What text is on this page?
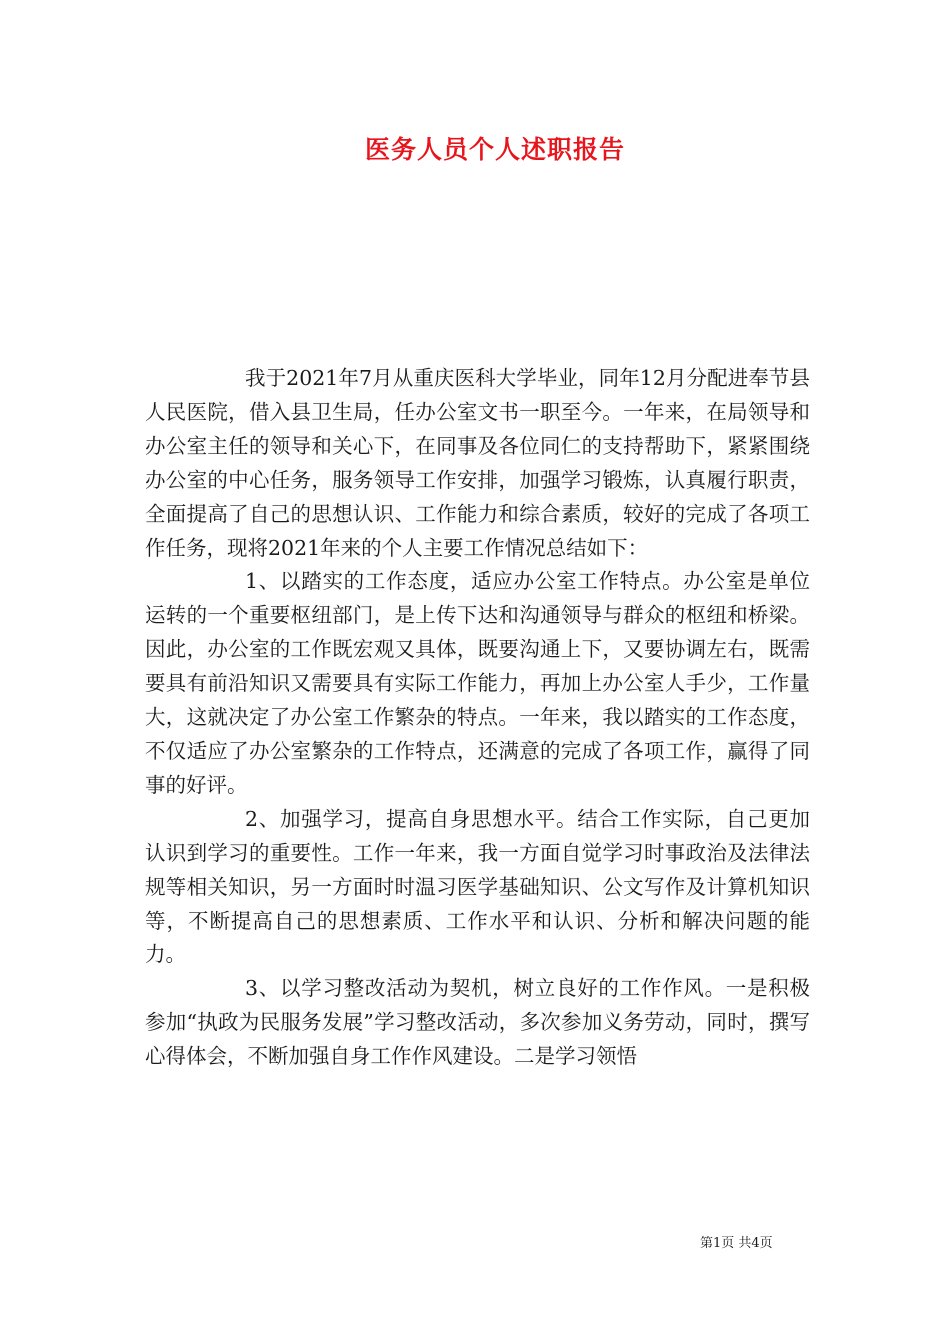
医务人员个人述职报告

我于2021年7月从重庆医科大学毕业，同年12月分配进奉节县人民医院，借入县卫生局，任办公室文书一职至今。一年来，在局领导和办公室主任的领导和关心下，在同事及各位同仁的支持帮助下，紧紧围绕办公室的中心任务，服务领导工作安排，加强学习锻炼，认真履行职责，全面提高了自己的思想认识、工作能力和综合素质，较好的完成了各项工作任务，现将2021年来的个人主要工作情况总结如下：

1、以踏实的工作态度，适应办公室工作特点。办公室是单位运转的一个重要枢纽部门，是上传下达和沟通领导与群众的枢纽和桥梁。因此，办公室的工作既宏观又具体，既要沟通上下，又要协调左右，既需要具有前沿知识又需要具有实际工作能力，再加上办公室人手少，工作量大，这就决定了办公室工作繁杂的特点。一年来，我以踏实的工作态度，不仅适应了办公室繁杂的工作特点，还满意的完成了各项工作，赢得了同事的好评。

2、加强学习，提高自身思想水平。结合工作实际，自己更加认识到学习的重要性。工作一年来，我一方面自觉学习时事政治及法律法规等相关知识，另一方面时时温习医学基础知识、公文写作及计算机知识等，不断提高自己的思想素质、工作水平和认识、分析和解决问题的能力。

3、以学习整改活动为契机，树立良好的工作作风。一是积极参加“执政为民服务发展”学习整改活动，多次参加义务劳动，同时，撰写心得体会，不断加强自身工作作风建设。二是学习领悟

第1页 共4页
